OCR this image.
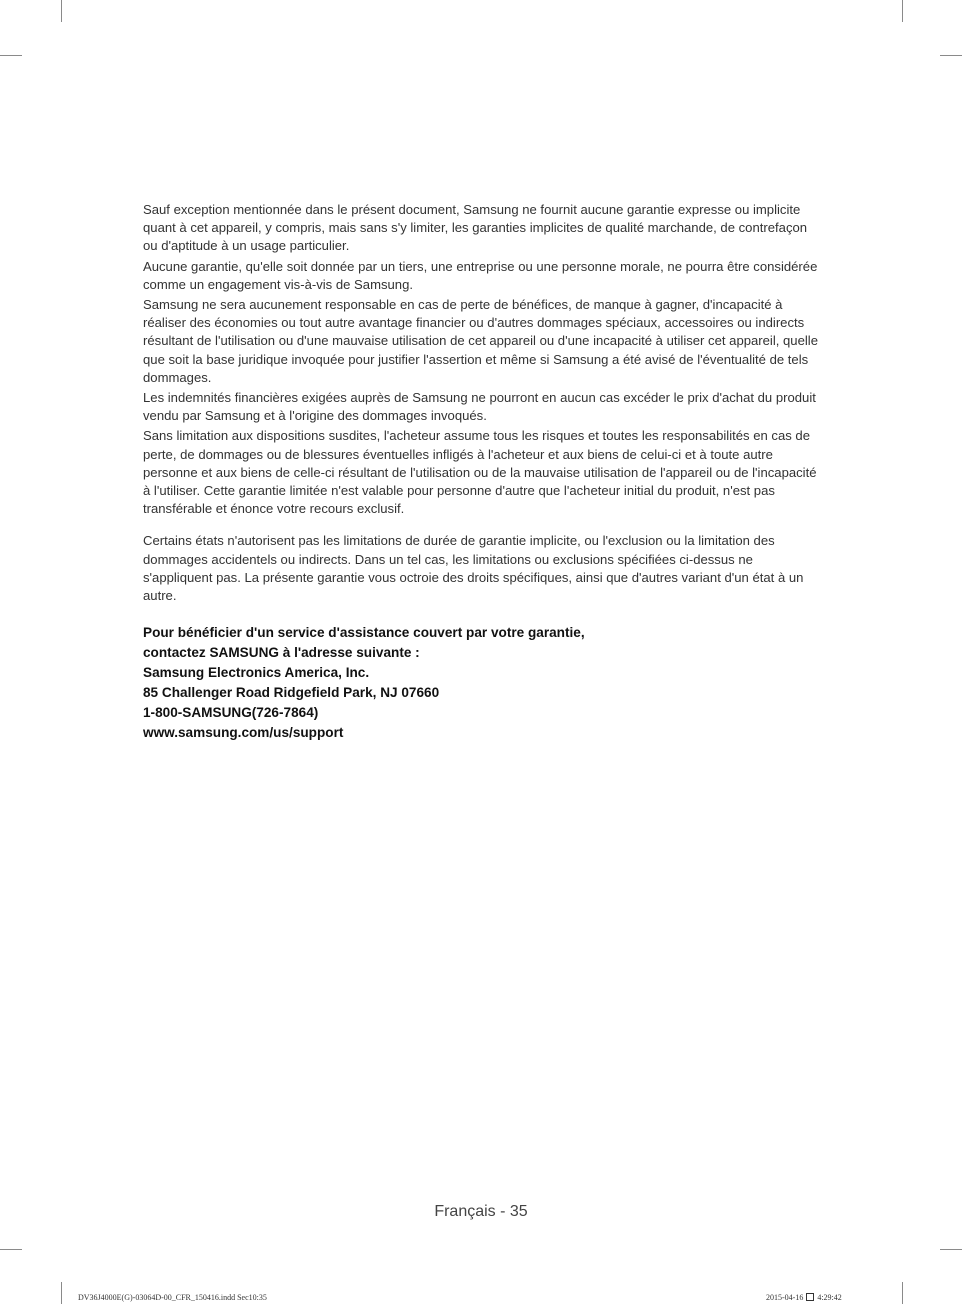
Sauf exception mentionnée dans le présent document, Samsung ne fournit aucune garantie expresse ou implicite quant à cet appareil, y compris, mais sans s'y limiter, les garanties implicites de qualité marchande, de contrefaçon ou d'aptitude à un usage particulier.

Aucune garantie, qu'elle soit donnée par un tiers, une entreprise ou une personne morale, ne pourra être considérée comme un engagement vis-à-vis de Samsung.

Samsung ne sera aucunement responsable en cas de perte de bénéfices, de manque à gagner, d'incapacité à réaliser des économies ou tout autre avantage financier ou d'autres dommages spéciaux, accessoires ou indirects résultant de l'utilisation ou d'une mauvaise utilisation de cet appareil ou d'une incapacité à utiliser cet appareil, quelle que soit la base juridique invoquée pour justifier l'assertion et même si Samsung a été avisé de l'éventualité de tels dommages.

Les indemnités financières exigées auprès de Samsung ne pourront en aucun cas excéder le prix d'achat du produit vendu par Samsung et à l'origine des dommages invoqués.

Sans limitation aux dispositions susdites, l'acheteur assume tous les risques et toutes les responsabilités en cas de perte, de dommages ou de blessures éventuelles infligés à l'acheteur et aux biens de celui-ci et à toute autre personne et aux biens de celle-ci résultant de l'utilisation ou de la mauvaise utilisation de l'appareil ou de l'incapacité à l'utiliser. Cette garantie limitée n'est valable pour personne d'autre que l'acheteur initial du produit, n'est pas transférable et énonce votre recours exclusif.

Certains états n'autorisent pas les limitations de durée de garantie implicite, ou l'exclusion ou la limitation des dommages accidentels ou indirects. Dans un tel cas, les limitations ou exclusions spécifiées ci-dessus ne s'appliquent pas. La présente garantie vous octroie des droits spécifiques, ainsi que d'autres variant d'un état à un autre.

Pour bénéficier d'un service d'assistance couvert par votre garantie,

contactez SAMSUNG à l'adresse suivante :

Samsung Electronics America, Inc.

85 Challenger Road Ridgefield Park, NJ 07660

1-800-SAMSUNG(726-7864)

www.samsung.com/us/support

Français - 35
DV36J4000E(G)-03064D-00_CFR_150416.indd Sec10:35	2015-04-16 4:29:42
